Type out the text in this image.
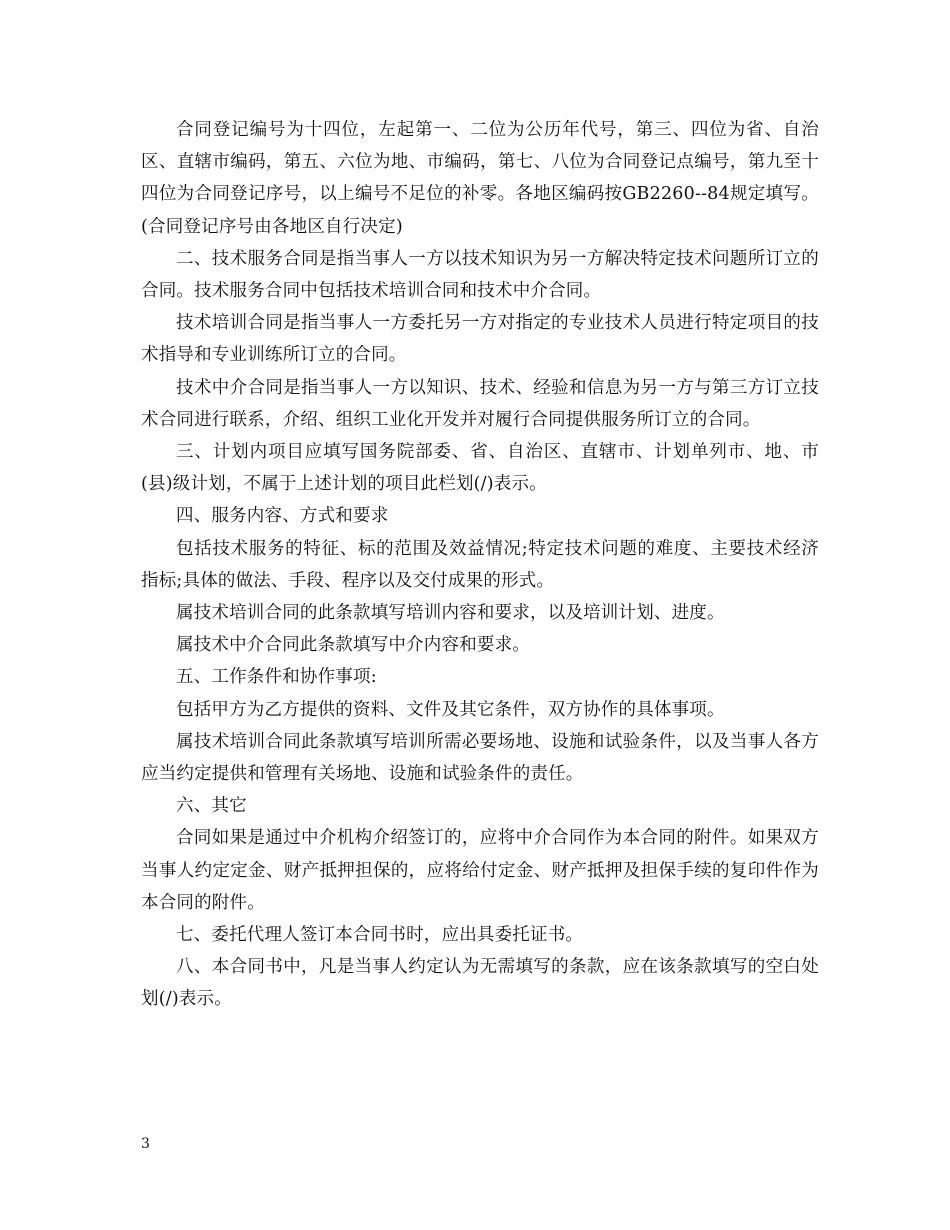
合同登记编号为十四位，左起第一、二位为公历年代号，第三、四位为省、自治区、直辖市编码，第五、六位为地、市编码，第七、八位为合同登记点编号，第九至十四位为合同登记序号，以上编号不足位的补零。各地区编码按GB2260--84规定填写。(合同登记序号由各地区自行决定)

二、技术服务合同是指当事人一方以技术知识为另一方解决特定技术问题所订立的合同。技术服务合同中包括技术培训合同和技术中介合同。

技术培训合同是指当事人一方委托另一方对指定的专业技术人员进行特定项目的技术指导和专业训练所订立的合同。

技术中介合同是指当事人一方以知识、技术、经验和信息为另一方与第三方订立技术合同进行联系，介绍、组织工业化开发并对履行合同提供服务所订立的合同。

三、计划内项目应填写国务院部委、省、自治区、直辖市、计划单列市、地、市(县)级计划，不属于上述计划的项目此栏划(/)表示。

四、服务内容、方式和要求

包括技术服务的特征、标的范围及效益情况;特定技术问题的难度、主要技术经济指标;具体的做法、手段、程序以及交付成果的形式。

属技术培训合同的此条款填写培训内容和要求，以及培训计划、进度。

属技术中介合同此条款填写中介内容和要求。

五、工作条件和协作事项:

包括甲方为乙方提供的资料、文件及其它条件，双方协作的具体事项。

属技术培训合同此条款填写培训所需必要场地、设施和试验条件，以及当事人各方应当约定提供和管理有关场地、设施和试验条件的责任。

六、其它

合同如果是通过中介机构介绍签订的，应将中介合同作为本合同的附件。如果双方当事人约定定金、财产抵押担保的，应将给付定金、财产抵押及担保手续的复印件作为本合同的附件。

七、委托代理人签订本合同书时，应出具委托证书。

八、本合同书中，凡是当事人约定认为无需填写的条款，应在该条款填写的空白处划(/)表示。

3
